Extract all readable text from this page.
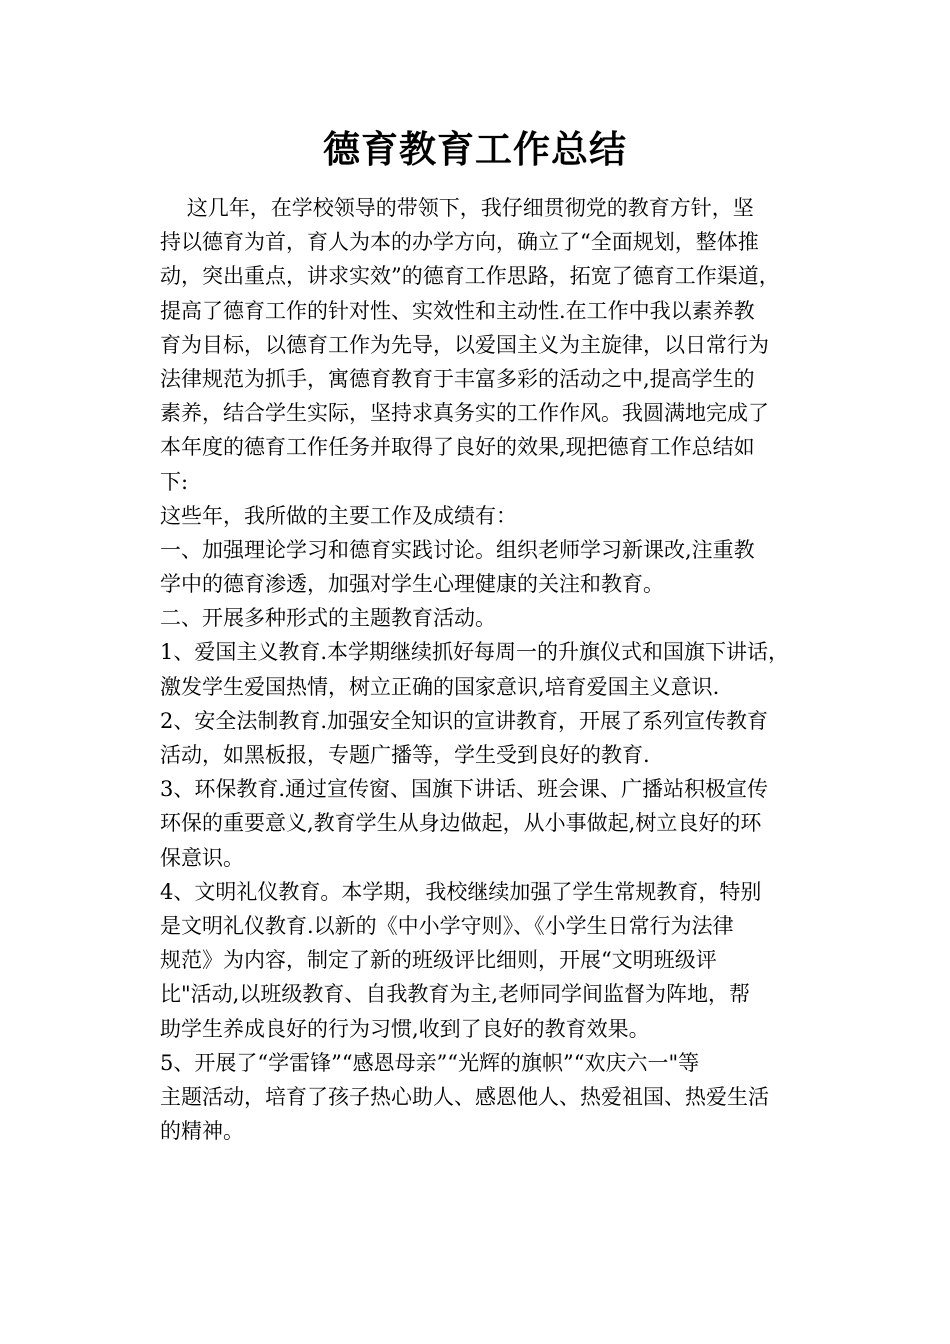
德育教育工作总结
这几年，在学校领导的带领下，我仔细贯彻党的教育方针，坚
持以德育为首，育人为本的办学方向，确立了“全面规划，整体推
动，突出重点，讲求实效”的德育工作思路，拓宽了德育工作渠道，
提高了德育工作的针对性、实效性和主动性.在工作中我以素养教
育为目标，以德育工作为先导，以爱国主义为主旋律，以日常行为
法律规范为抓手，寓德育教育于丰富多彩的活动之中,提高学生的
素养，结合学生实际，坚持求真务实的工作作风。我圆满地完成了
本年度的德育工作任务并取得了良好的效果,现把德育工作总结如
下:
这些年，我所做的主要工作及成绩有：
一、加强理论学习和德育实践讨论。组织老师学习新课改,注重教
学中的德育渗透，加强对学生心理健康的关注和教育。
二、开展多种形式的主题教育活动。
1、爱国主义教育.本学期继续抓好每周一的升旗仪式和国旗下讲话，
激发学生爱国热情，树立正确的国家意识,培育爱国主义意识.
2、安全法制教育.加强安全知识的宣讲教育，开展了系列宣传教育
活动，如黑板报，专题广播等，学生受到良好的教育.
3、环保教育.通过宣传窗、国旗下讲话、班会课、广播站积极宣传
环保的重要意义,教育学生从身边做起，从小事做起,树立良好的环
保意识。
4、文明礼仪教育。本学期，我校继续加强了学生常规教育，特别
是文明礼仪教育.以新的《中小学守则》、《小学生日常行为法律
规范》为内容，制定了新的班级评比细则，开展“文明班级评
比"活动,以班级教育、自我教育为主,老师同学间监督为阵地，帮
助学生养成良好的行为习惯,收到了良好的教育效果。
5、开展了“学雷锋”“感恩母亲”“光辉的旗帜”“欢庆六一"等
主题活动，培育了孩子热心助人、感恩他人、热爱祖国、热爱生活
的精神。
